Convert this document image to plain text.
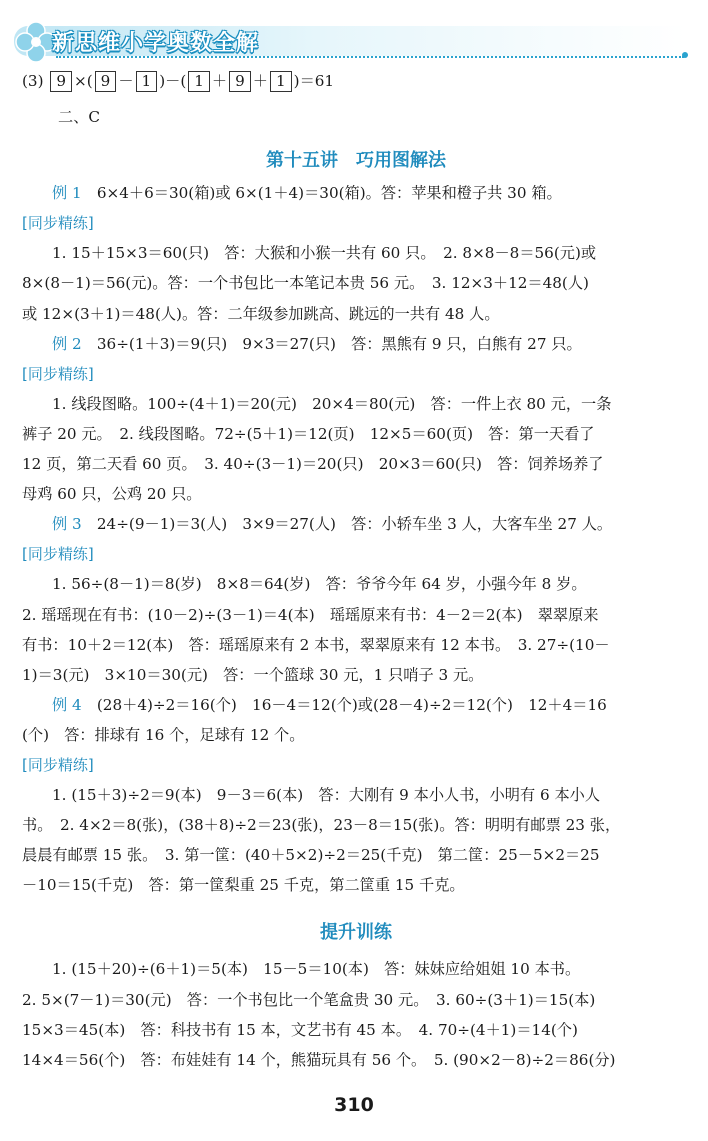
新思维小学奥数全解
(3) 9 ×( 9 － 1 )－( 1 ＋ 9 ＋ 1 )＝61
二、C
第十五讲　巧用图解法
例 1　 6×4＋6＝30(箱)或 6×(1＋4)＝30(箱)。答：苹果和橙子共 30 箱。
[同步精练]
1. 15＋15×3＝60(只)　答：大猴和小猴一共有 60 只。　2. 8×8－8＝56(元)或
8×(8－1)＝56(元)。答：一个书包比一本笔记本贵 56 元。　3. 12×3＋12＝48(人)
或 12×(3＋1)＝48(人)。答：二年级参加跳高、跳远的一共有 48 人。
例 2　 36÷(1＋3)＝9(只)　9×3＝27(只)　答：黑熊有 9 只，白熊有 27 只。
[同步精练]
1. 线段图略。100÷(4＋1)＝20(元)　20×4＝80(元)　答：一件上衣 80 元，一条
裤子 20 元。　2. 线段图略。72÷(5＋1)＝12(页)　12×5＝60(页)　答：第一天看了
12 页，第二天看 60 页。　3. 40÷(3－1)＝20(只)　20×3＝60(只)　答：饲养场养了
母鸡 60 只，公鸡 20 只。
例 3　 24÷(9－1)＝3(人)　3×9＝27(人)　答：小轿车坐 3 人，大客车坐 27 人。
[同步精练]
1. 56÷(8－1)＝8(岁)　8×8＝64(岁)　答：爷爷今年 64 岁，小强今年 8 岁。
2. 瑶瑶现在有书：(10－2)÷(3－1)＝4(本)　瑶瑶原来有书：4－2＝2(本)　翠翠原来
有书：10＋2＝12(本)　答：瑶瑶原来有 2 本书，翠翠原来有 12 本书。　3. 27÷(10－
1)＝3(元)　3×10＝30(元)　答：一个篮球 30 元，1 只哨子 3 元。
例 4　 (28＋4)÷2＝16(个)　16－4＝12(个)或(28－4)÷2＝12(个)　12＋4＝16
(个)　答：排球有 16 个，足球有 12 个。
[同步精练]
1. (15＋3)÷2＝9(本)　9－3＝6(本)　答：大刚有 9 本小人书，小明有 6 本小人
书。　2. 4×2＝8(张)，(38＋8)÷2＝23(张)，23－8＝15(张)。答：明明有邮票 23 张，
晨晨有邮票 15 张。　3. 第一筐：(40＋5×2)÷2＝25(千克)　第二筐：25－5×2＝25
－10＝15(千克)　答：第一筐梨重 25 千克，第二筐重 15 千克。
提升训练
1. (15＋20)÷(6＋1)＝5(本)　15－5＝10(本)　答：妹妹应给姐姐 10 本书。
2. 5×(7－1)＝30(元)　答：一个书包比一个笔盒贵 30 元。　3. 60÷(3＋1)＝15(本)
15×3＝45(本)　答：科技书有 15 本，文艺书有 45 本。　4. 70÷(4＋1)＝14(个)
14×4＝56(个)　答：布娃娃有 14 个，熊猫玩具有 56 个。　5. (90×2－8)÷2＝86(分)
310
